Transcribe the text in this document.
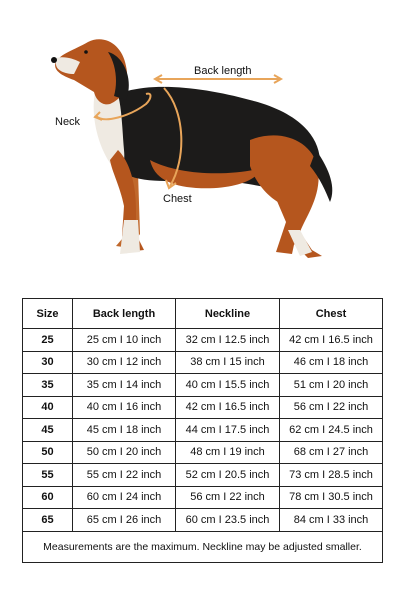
Back length
Neck
Chest
Size	Back length	Neckline	Chest
25	25 cm I 10 inch	32 cm I 12.5 inch	42 cm I 16.5 inch
30	30 cm I 12 inch	38 cm I 15 inch	46 cm I 18 inch
35	35 cm I 14 inch	40 cm I 15.5 inch	51 cm I 20 inch
40	40 cm I 16 inch	42 cm I 16.5 inch	56 cm I 22 inch
45	45 cm I 18 inch	44 cm I 17.5 inch	62 cm I 24.5 inch
50	50 cm I 20 inch	48 cm I 19 inch	68 cm I 27 inch
55	55 cm I 22 inch	52 cm I 20.5 inch	73 cm I 28.5 inch
60	60 cm I 24 inch	56 cm I 22 inch	78 cm I 30.5 inch
65	65 cm I 26 inch	60 cm I 23.5 inch	84 cm I 33 inch
Measurements are the maximum. Neckline may be adjusted smaller.			
